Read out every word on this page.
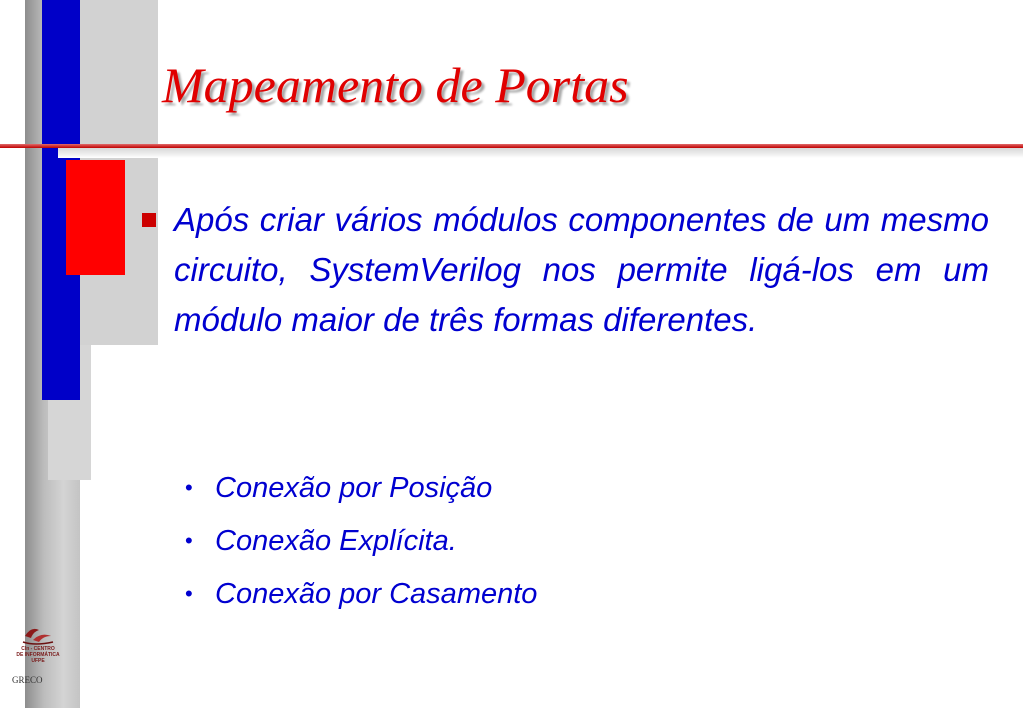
Mapeamento de Portas

Após criar vários módulos componentes de um mesmo circuito, SystemVerilog nos permite ligá-los em um módulo maior de três formas diferentes.

• Conexão por Posição
• Conexão Explícita.
• Conexão por Casamento
CIn - CENTRO
DE INFORMÁTICA
UFPE
GRECO
